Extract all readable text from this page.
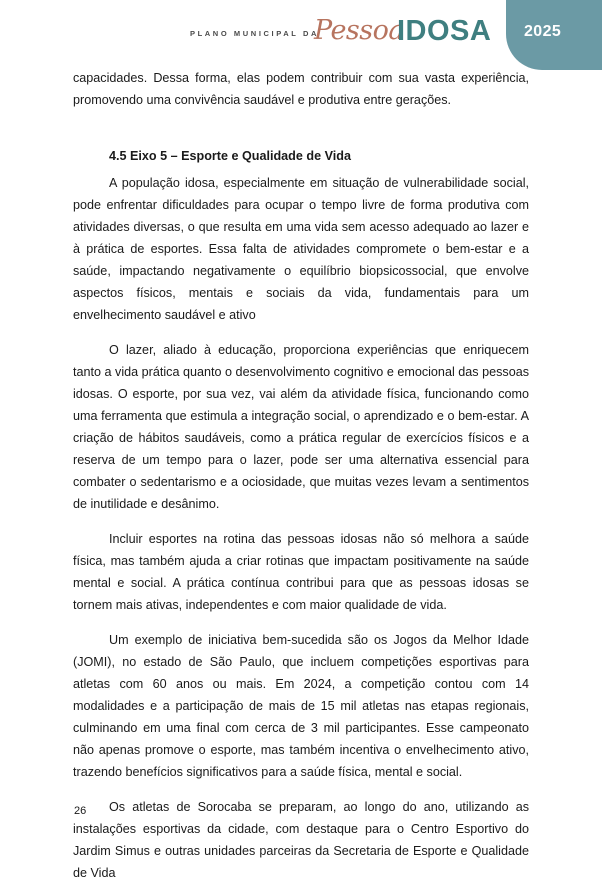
PLANO MUNICIPAL DA
Pessoa
IDOSA 2025

capacidades. Dessa forma, elas podem contribuir com sua vasta experiência, promovendo uma convivência saudável e produtiva entre gerações.

4.5 Eixo 5 – Esporte e Qualidade de Vida

A população idosa, especialmente em situação de vulnerabilidade social, pode enfrentar dificuldades para ocupar o tempo livre de forma produtiva com atividades diversas, o que resulta em uma vida sem acesso adequado ao lazer e à prática de esportes. Essa falta de atividades compromete o bem-estar e a saúde, impactando negativamente o equilíbrio biopsicossocial, que envolve aspectos físicos, mentais e sociais da vida, fundamentais para um envelhecimento saudável e ativo

O lazer, aliado à educação, proporciona experiências que enriquecem tanto a vida prática quanto o desenvolvimento cognitivo e emocional das pessoas idosas. O esporte, por sua vez, vai além da atividade física, funcionando como uma ferramenta que estimula a integração social, o aprendizado e o bem-estar. A criação de hábitos saudáveis, como a prática regular de exercícios físicos e a reserva de um tempo para o lazer, pode ser uma alternativa essencial para combater o sedentarismo e a ociosidade, que muitas vezes levam a sentimentos de inutilidade e desânimo.

Incluir esportes na rotina das pessoas idosas não só melhora a saúde física, mas também ajuda a criar rotinas que impactam positivamente na saúde mental e social. A prática contínua contribui para que as pessoas idosas se tornem mais ativas, independentes e com maior qualidade de vida.

Um exemplo de iniciativa bem-sucedida são os Jogos da Melhor Idade (JOMI), no estado de São Paulo, que incluem competições esportivas para atletas com 60 anos ou mais. Em 2024, a competição contou com 14 modalidades e a participação de mais de 15 mil atletas nas etapas regionais, culminando em uma final com cerca de 3 mil participantes. Esse campeonato não apenas promove o esporte, mas também incentiva o envelhecimento ativo, trazendo benefícios significativos para a saúde física, mental e social.

Os atletas de Sorocaba se preparam, ao longo do ano, utilizando as instalações esportivas da cidade, com destaque para o Centro Esportivo do Jardim Simus e outras unidades parceiras da Secretaria de Esporte e Qualidade de Vida

26
